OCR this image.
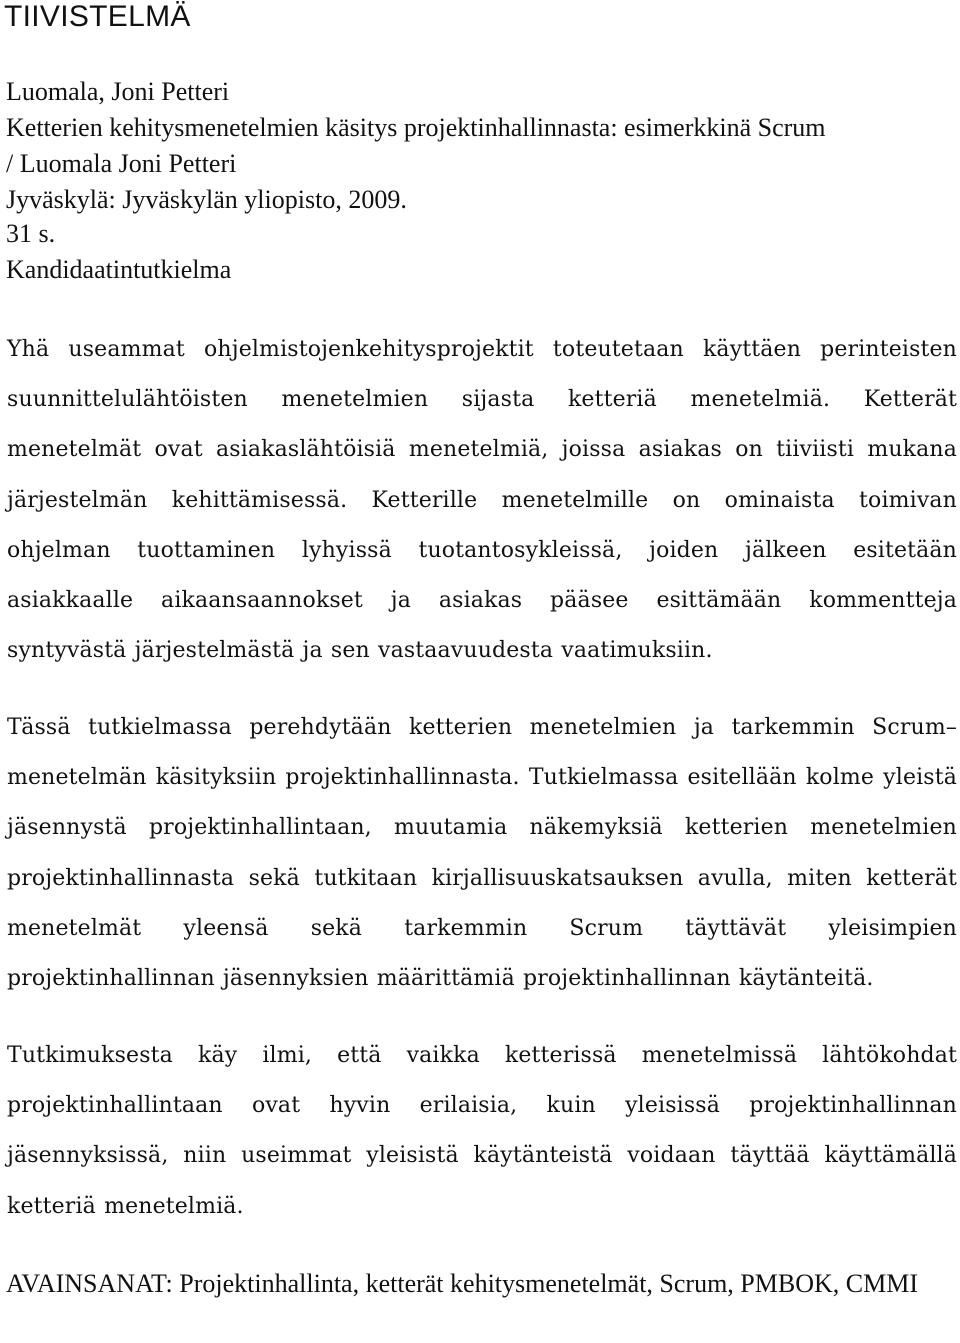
TIIVISTELMÄ
Luomala, Joni Petteri
Ketterien kehitysmenetelmien käsitys projektinhallinnasta: esimerkkinä Scrum
/ Luomala Joni Petteri
Jyväskylä: Jyväskylän yliopisto, 2009.
31 s.
Kandidaatintutkielma

Yhä useammat ohjelmistojenkehitysprojektit toteutetaan käyttäen perinteisten suunnittelulähtöisten menetelmien sijasta ketteriä menetelmiä. Ketterät menetelmät ovat asiakaslähtöisiä menetelmiä, joissa asiakas on tiiviisti mukana järjestelmän kehittämisessä. Ketterille menetelmille on ominaista toimivan ohjelman tuottaminen lyhyissä tuotantosykleissä, joiden jälkeen esitetään asiakkaalle aikaansaannokset ja asiakas pääsee esittämään kommentteja syntyvästä järjestelmästä ja sen vastaavuudesta vaatimuksiin.

Tässä tutkielmassa perehdytään ketterien menetelmien ja tarkemmin Scrum–menetelmän käsityksiin projektinhallinnasta. Tutkielmassa esitellään kolme yleistä jäsennystä projektinhallintaan, muutamia näkemyksiä ketterien menetelmien projektinhallinnasta sekä tutkitaan kirjallisuuskatsauksen avulla, miten ketterät menetelmät yleensä sekä tarkemmin Scrum täyttävät yleisimpien projektinhallinnan jäsennyksien määrittämiä projektinhallinnan käytänteitä.

Tutkimuksesta käy ilmi, että vaikka ketterissä menetelmissä lähtökohdat projektinhallintaan ovat hyvin erilaisia, kuin yleisissä projektinhallinnan jäsennyksissä, niin useimmat yleisistä käytänteistä voidaan täyttää käyttämällä ketteriä menetelmiä.

AVAINSANAT: Projektinhallinta, ketterät kehitysmenetelmät, Scrum, PMBOK, CMMI
